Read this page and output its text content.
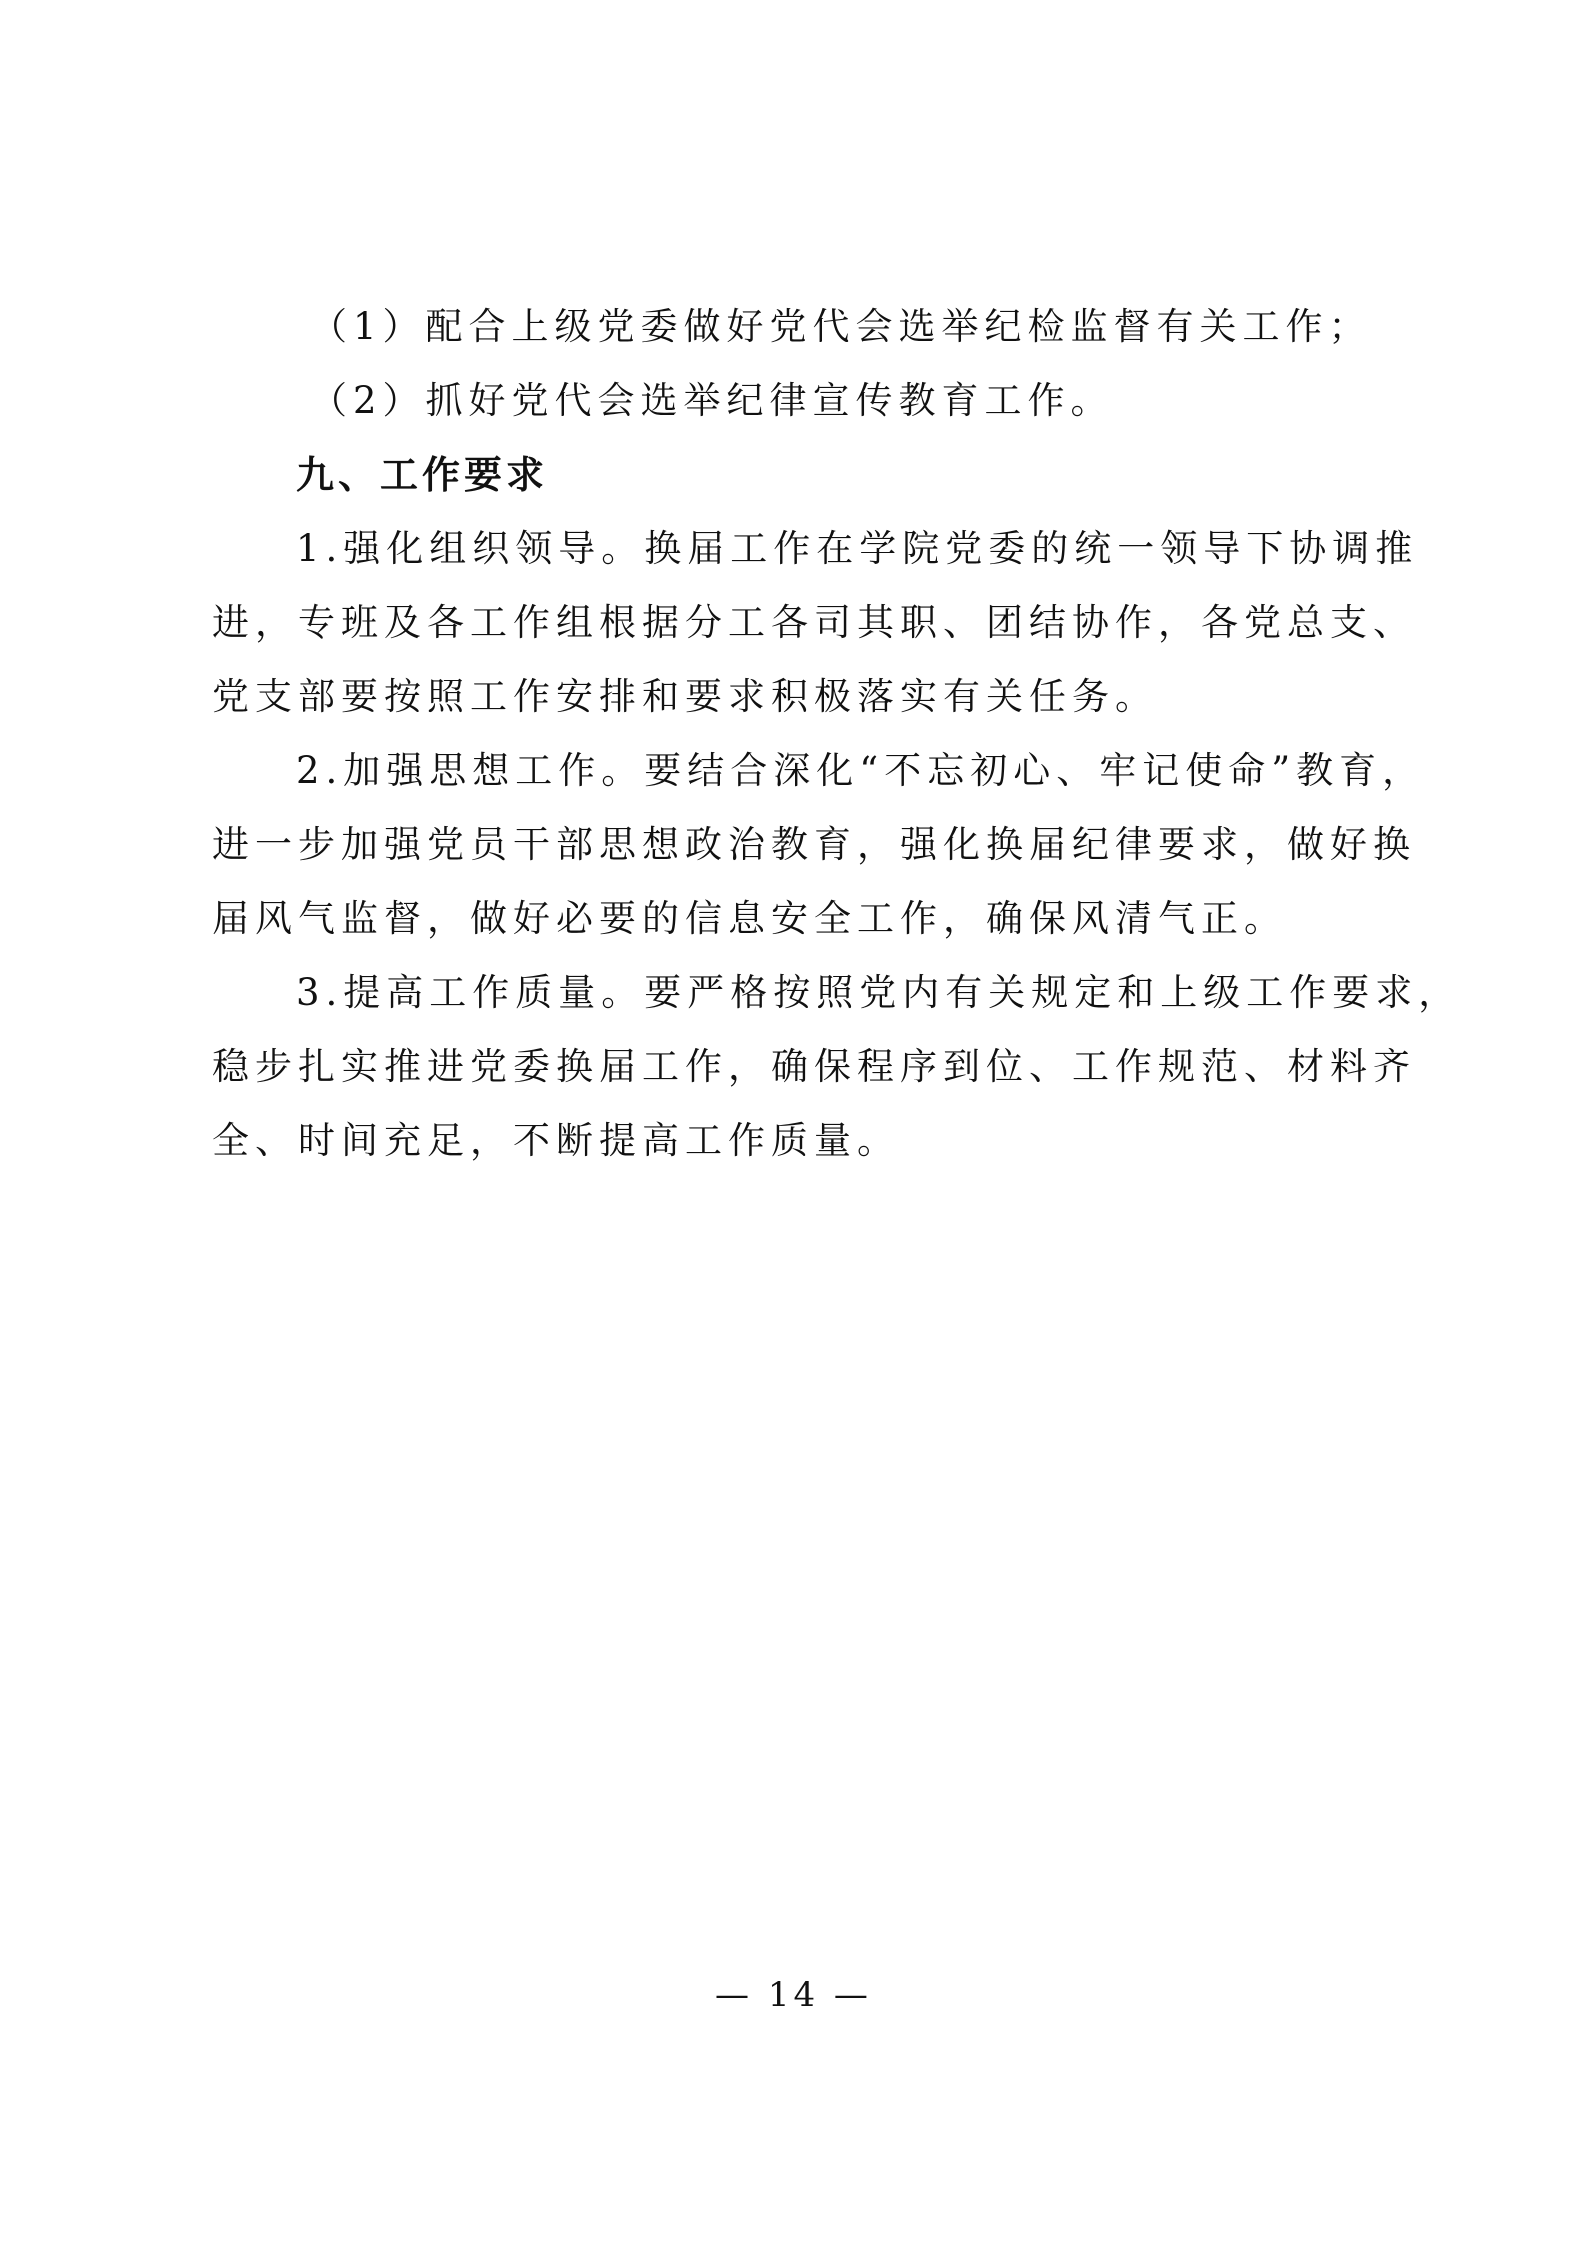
（1）配合上级党委做好党代会选举纪检监督有关工作；

（2）抓好党代会选举纪律宣传教育工作。

九、工作要求

1.强化组织领导。换届工作在学院党委的统一领导下协调推

进，专班及各工作组根据分工各司其职、团结协作，各党总支、

党支部要按照工作安排和要求积极落实有关任务。

2.加强思想工作。要结合深化“不忘初心、牢记使命”教育，

进一步加强党员干部思想政治教育，强化换届纪律要求，做好换

届风气监督，做好必要的信息安全工作，确保风清气正。

3.提高工作质量。要严格按照党内有关规定和上级工作要求，

稳步扎实推进党委换届工作，确保程序到位、工作规范、材料齐

全、时间充足，不断提高工作质量。

— 14 —
